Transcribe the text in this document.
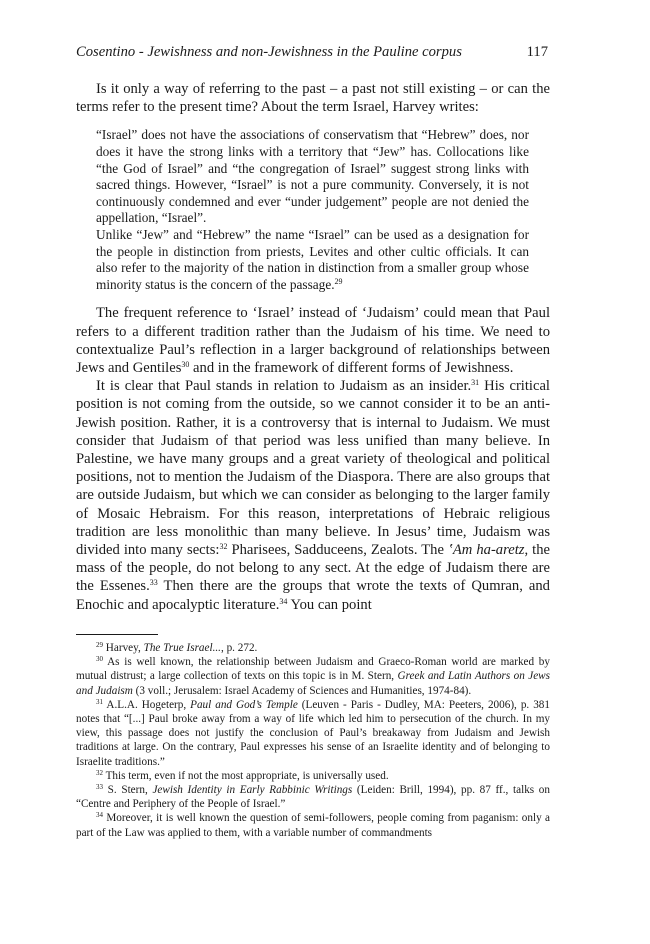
Cosentino - Jewishness and non-Jewishness in the Pauline corpus	117

Is it only a way of referring to the past – a past not still existing – or can the terms refer to the present time? About the term Israel, Harvey writes:

“Israel” does not have the associations of conservatism that “Hebrew” does, nor does it have the strong links with a territory that “Jew” has. Collocations like “the God of Israel” and “the congregation of Israel” suggest strong links with sacred things. However, “Israel” is not a pure community. Conversely, it is not continuously condemned and ever “under judgement” people are not denied the appellation, “Israel”.

Unlike “Jew” and “Hebrew” the name “Israel” can be used as a designation for the people in distinction from priests, Levites and other cultic officials. It can also refer to the majority of the nation in distinction from a smaller group whose minority status is the concern of the passage.$^{29}$

The frequent reference to ‘Israel’ instead of ‘Judaism’ could mean that Paul refers to a different tradition rather than the Judaism of his time. We need to contextualize Paul’s reflection in a larger background of relationships between Jews and Gentiles$^{30}$ and in the framework of different forms of Jewishness.

It is clear that Paul stands in relation to Judaism as an insider.$^{31}$ His critical position is not coming from the outside, so we cannot consider it to be an anti-Jewish position. Rather, it is a controversy that is internal to Judaism. We must consider that Judaism of that period was less unified than many believe. In Palestine, we have many groups and a great variety of theological and political positions, not to mention the Judaism of the Diaspora. There are also groups that are outside Judaism, but which we can consider as belonging to the larger family of Mosaic Hebraism. For this reason, interpretations of Hebraic religious tradition are less monolithic than many believe. In Jesus’ time, Judaism was divided into many sects:$^{32}$ Pharisees, Sadduceens, Zealots. The ʽAm ha-aretz, the mass of the people, do not belong to any sect. At the edge of Judaism there are the Essenes.$^{33}$ Then there are the groups that wrote the texts of Qumran, and Enochic and apocalyptic literature.$^{34}$ You can point

$^{29}$ Harvey, The True Israel..., p. 272.

$^{30}$ As is well known, the relationship between Judaism and Graeco-Roman world are marked by mutual distrust; a large collection of texts on this topic is in M. Stern, Greek and Latin Authors on Jews and Judaism (3 voll.; Jerusalem: Israel Academy of Sciences and Humanities, 1974-84).

$^{31}$ A.L.A. Hogeterp, Paul and God’s Temple (Leuven - Paris - Dudley, MA: Peeters, 2006), p. 381 notes that “[...] Paul broke away from a way of life which led him to persecution of the church. In my view, this passage does not justify the conclusion of Paul’s breakaway from Judaism and Jewish traditions at large. On the contrary, Paul expresses his sense of an Israelite identity and of belonging to Israelite traditions.”

$^{32}$ This term, even if not the most appropriate, is universally used.

$^{33}$ S. Stern, Jewish Identity in Early Rabbinic Writings (Leiden: Brill, 1994), pp. 87 ff., talks on “Centre and Periphery of the People of Israel.”

$^{34}$ Moreover, it is well known the question of semi-followers, people coming from paganism: only a part of the Law was applied to them, with a variable number of commandments
